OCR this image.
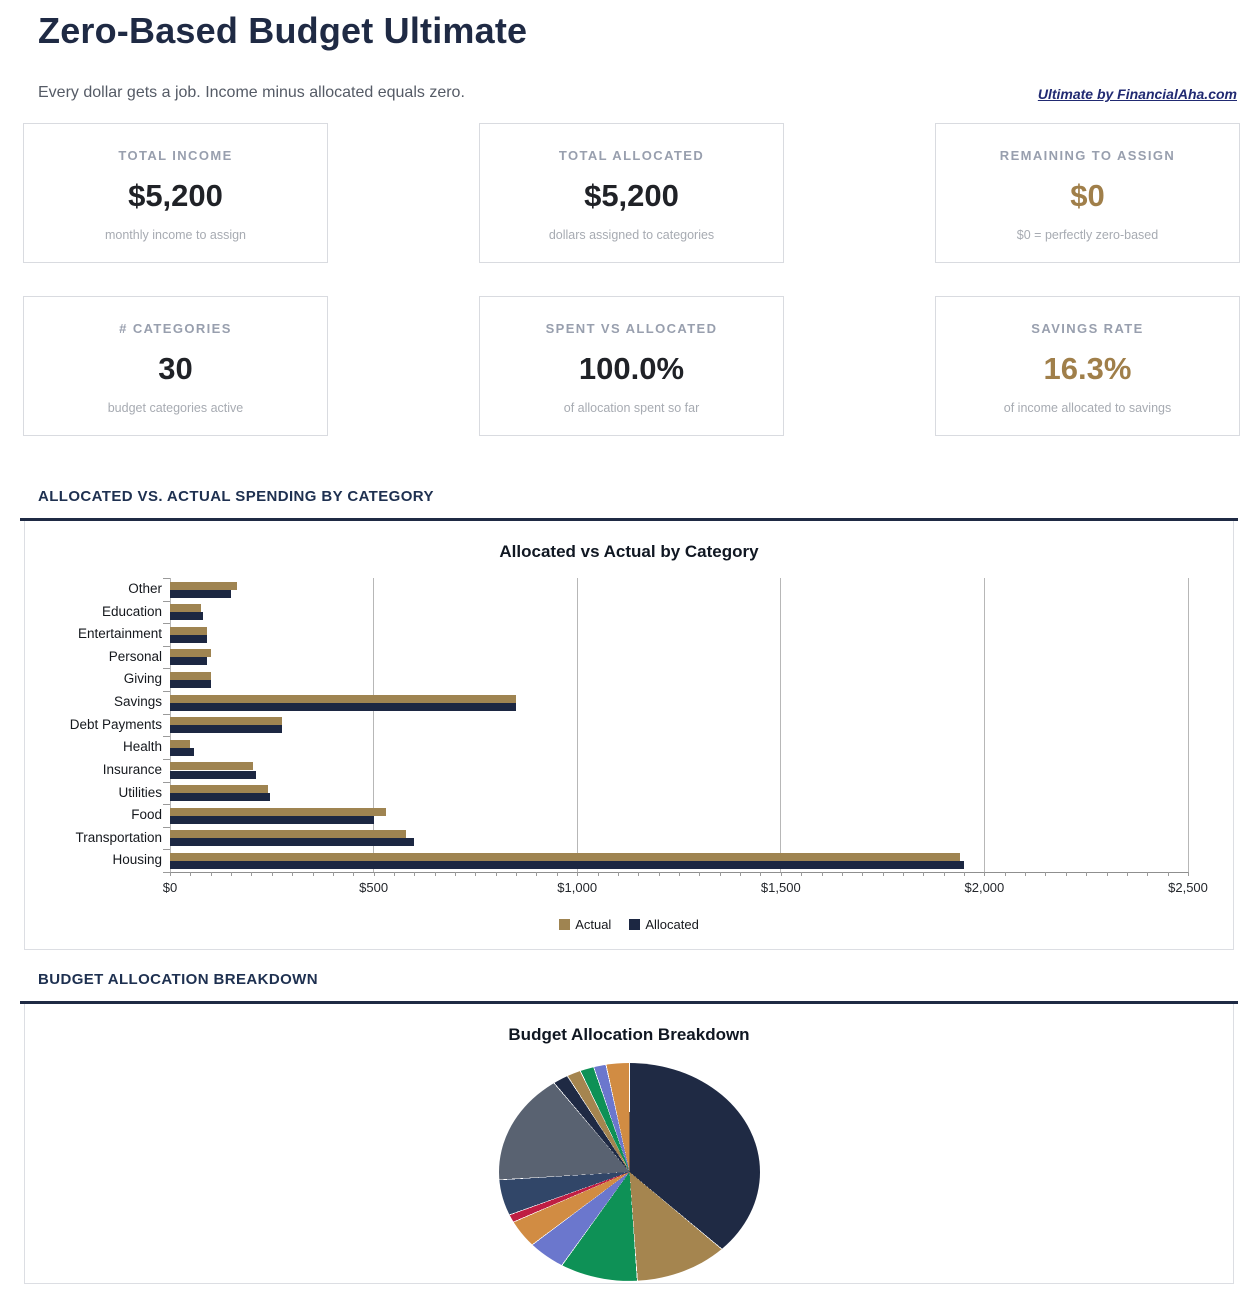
Zero-Based Budget Ultimate

Every dollar gets a job. Income minus allocated equals zero.	Ultimate by FinancialAha.com
TOTAL INCOME
$5,200
monthly income to assign
TOTAL ALLOCATED
$5,200
dollars assigned to categories
REMAINING TO ASSIGN
$0
$0 = perfectly zero-based
# CATEGORIES
30
budget categories active
SPENT VS ALLOCATED
100.0%
of allocation spent so far
SAVINGS RATE
16.3%
of income allocated to savings
ALLOCATED VS. ACTUAL SPENDING BY CATEGORY
Allocated vs Actual by Category
$0	$500	$1,000	$1,500	$2,000	$2,500
Other
Education
Entertainment
Personal
Giving
Savings
Debt Payments
Health
Insurance
Utilities
Food
Transportation
Housing
Actual	Allocated
BUDGET ALLOCATION BREAKDOWN
Budget Allocation Breakdown
